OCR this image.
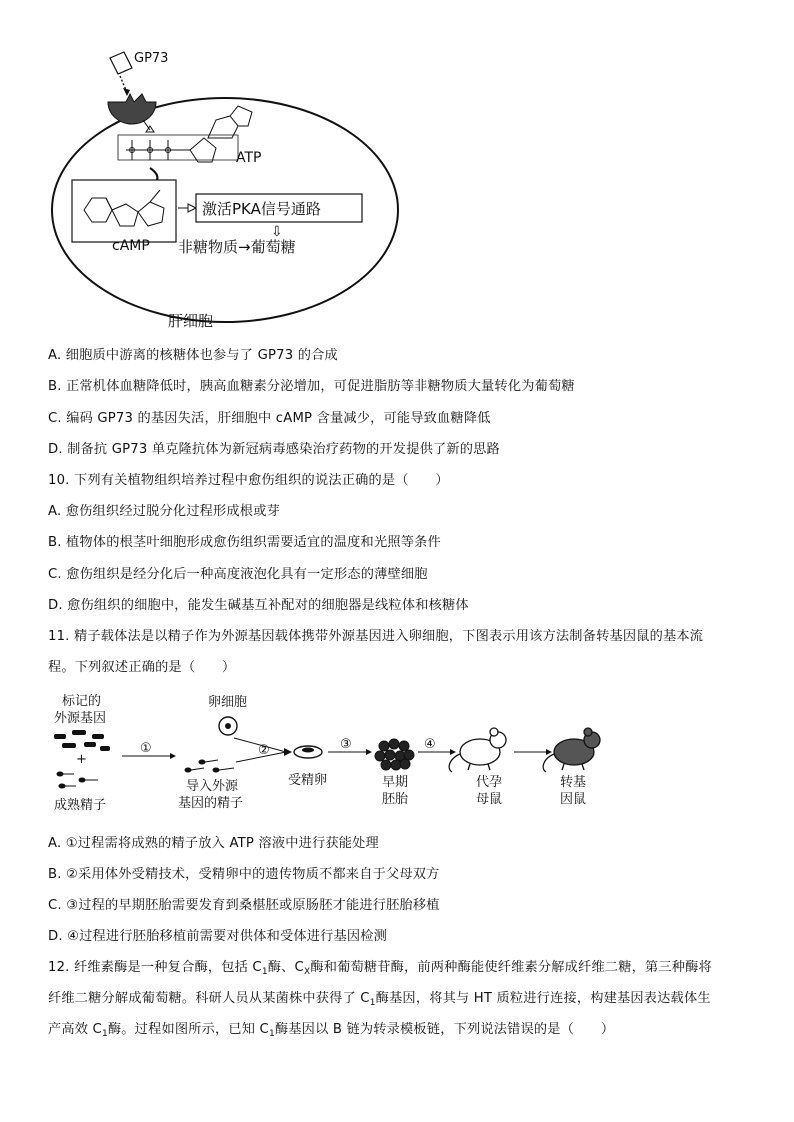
GP73
ATP
cAMP
激活PKA信号通路
⇩
非糖物质→葡萄糖
肝细胞
A. 细胞质中游离的核糖体也参与了 GP73 的合成
B. 正常机体血糖降低时，胰高血糖素分泌增加，可促进脂肪等非糖物质大量转化为葡萄糖
C. 编码 GP73 的基因失活，肝细胞中 cAMP 含量减少，可能导致血糖降低
D. 制备抗 GP73 单克隆抗体为新冠病毒感染治疗药物的开发提供了新的思路
10. 下列有关植物组织培养过程中愈伤组织的说法正确的是（　　）
A. 愈伤组织经过脱分化过程形成根或芽
B. 植物体的根茎叶细胞形成愈伤组织需要适宜的温度和光照等条件
C. 愈伤组织是经分化后一种高度液泡化具有一定形态的薄壁细胞
D. 愈伤组织的细胞中，能发生碱基互补配对的细胞器是线粒体和核糖体
11. 精子载体法是以精子作为外源基因载体携带外源基因进入卵细胞，下图表示用该方法制备转基因鼠的基本流
程。下列叙述正确的是（　　）
标记的
外源基因
+
成熟精子
①
导入外源
基因的精子
卵细胞
②
受精卵
③
早期
胚胎
④
代孕
母鼠
转基
因鼠
A. ①过程需将成熟的精子放入 ATP 溶液中进行获能处理
B. ②采用体外受精技术，受精卵中的遗传物质不都来自于父母双方
C. ③过程的早期胚胎需要发育到桑椹胚或原肠胚才能进行胚胎移植
D. ④过程进行胚胎移植前需要对供体和受体进行基因检测
12. 纤维素酶是一种复合酶，包括 $C_1$酶、$C_X$酶和葡萄糖苷酶，前两种酶能使纤维素分解成纤维二糖，第三种酶将
纤维二糖分解成葡萄糖。科研人员从某菌株中获得了 $C_1$酶基因，将其与 HT 质粒进行连接，构建基因表达载体生
产高效 $C_1$酶。过程如图所示，已知 $C_1$酶基因以 B 链为转录模板链，下列说法错误的是（　　）
